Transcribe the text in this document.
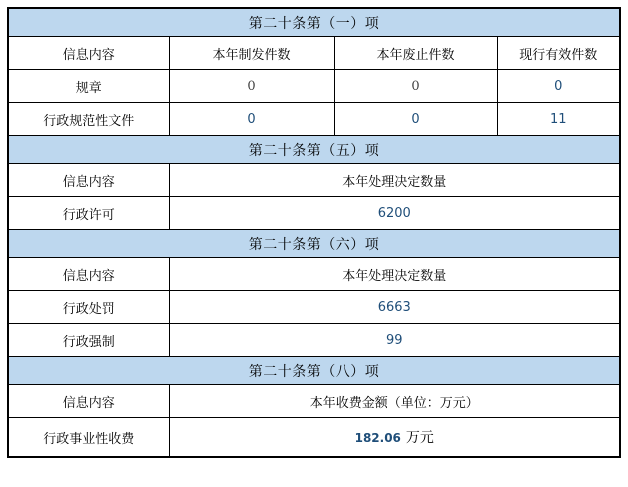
第二十条第（一）项
信息内容	本年制发件数	本年废止件数	现行有效件数
规章	0	0	0
行政规范性文件	0	0	11
第二十条第（五）项
信息内容	本年处理决定数量
行政许可	6200
第二十条第（六）项
信息内容	本年处理决定数量
行政处罚	6663
行政强制	99
第二十条第（八）项
信息内容	本年收费金额（单位：万元）
行政事业性收费	182.06 万元
